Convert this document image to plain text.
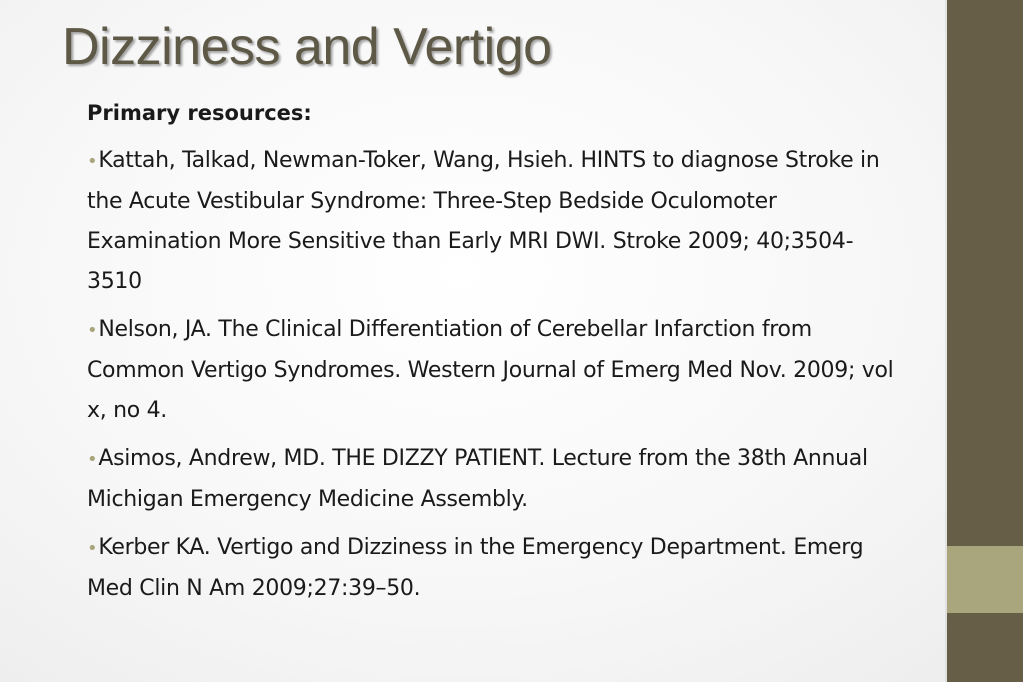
Dizziness and Vertigo
Primary resources:
•Kattah, Talkad, Newman-Toker, Wang, Hsieh. HINTS to diagnose Stroke in the Acute Vestibular Syndrome: Three-Step Bedside Oculomoter Examination More Sensitive than Early MRI DWI. Stroke 2009; 40;3504-3510
•Nelson, JA. The Clinical Differentiation of Cerebellar Infarction from Common Vertigo Syndromes. Western Journal of Emerg Med Nov. 2009; vol x, no 4.
•Asimos, Andrew, MD. THE DIZZY PATIENT. Lecture from the 38th Annual Michigan Emergency Medicine Assembly.
•Kerber KA. Vertigo and Dizziness in the Emergency Department. Emerg Med Clin N Am 2009;27:39–50.
